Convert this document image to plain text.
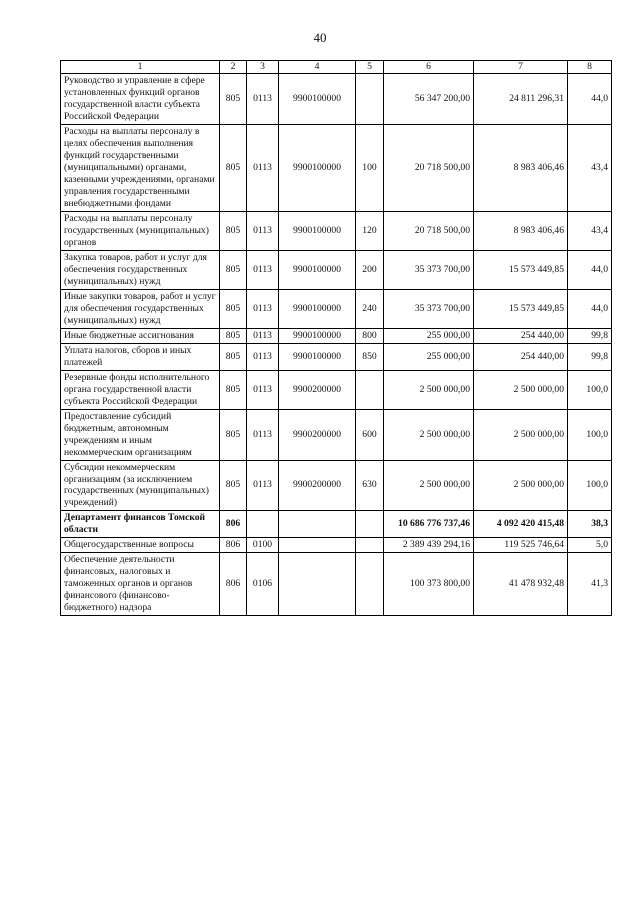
40
1	2	3	4	5	6	7	8
Руководство и управление в сфере установленных функций органов государственной власти субъекта Российской Федерации	805	0113	9900100000		56 347 200,00	24 811 296,31	44,0
Расходы на выплаты персоналу в целях обеспечения выполнения функций государственными (муниципальными) органами, казенными учреждениями, органами управления государственными внебюджетными фондами	805	0113	9900100000	100	20 718 500,00	8 983 406,46	43,4
Расходы на выплаты персоналу государственных (муниципальных) органов	805	0113	9900100000	120	20 718 500,00	8 983 406,46	43,4
Закупка товаров, работ и услуг для обеспечения государственных (муниципальных) нужд	805	0113	9900100000	200	35 373 700,00	15 573 449,85	44,0
Иные закупки товаров, работ и услуг для обеспечения государственных (муниципальных) нужд	805	0113	9900100000	240	35 373 700,00	15 573 449,85	44,0
Иные бюджетные ассигнования	805	0113	9900100000	800	255 000,00	254 440,00	99,8
Уплата налогов, сборов и иных платежей	805	0113	9900100000	850	255 000,00	254 440,00	99,8
Резервные фонды исполнительного органа государственной власти субъекта Российской Федерации	805	0113	9900200000		2 500 000,00	2 500 000,00	100,0
Предоставление субсидий бюджетным, автономным учреждениям и иным некоммерческим организациям	805	0113	9900200000	600	2 500 000,00	2 500 000,00	100,0
Субсидии некоммерческим организациям (за исключением государственных (муниципальных) учреждений)	805	0113	9900200000	630	2 500 000,00	2 500 000,00	100,0
Департамент финансов Томской области	806				10 686 776 737,46	4 092 420 415,48	38,3
Общегосударственные вопросы	806	0100			2 389 439 294,16	119 525 746,64	5,0
Обеспечение деятельности финансовых, налоговых и таможенных органов и органов финансового (финансово-бюджетного) надзора	806	0106			100 373 800,00	41 478 932,48	41,3
